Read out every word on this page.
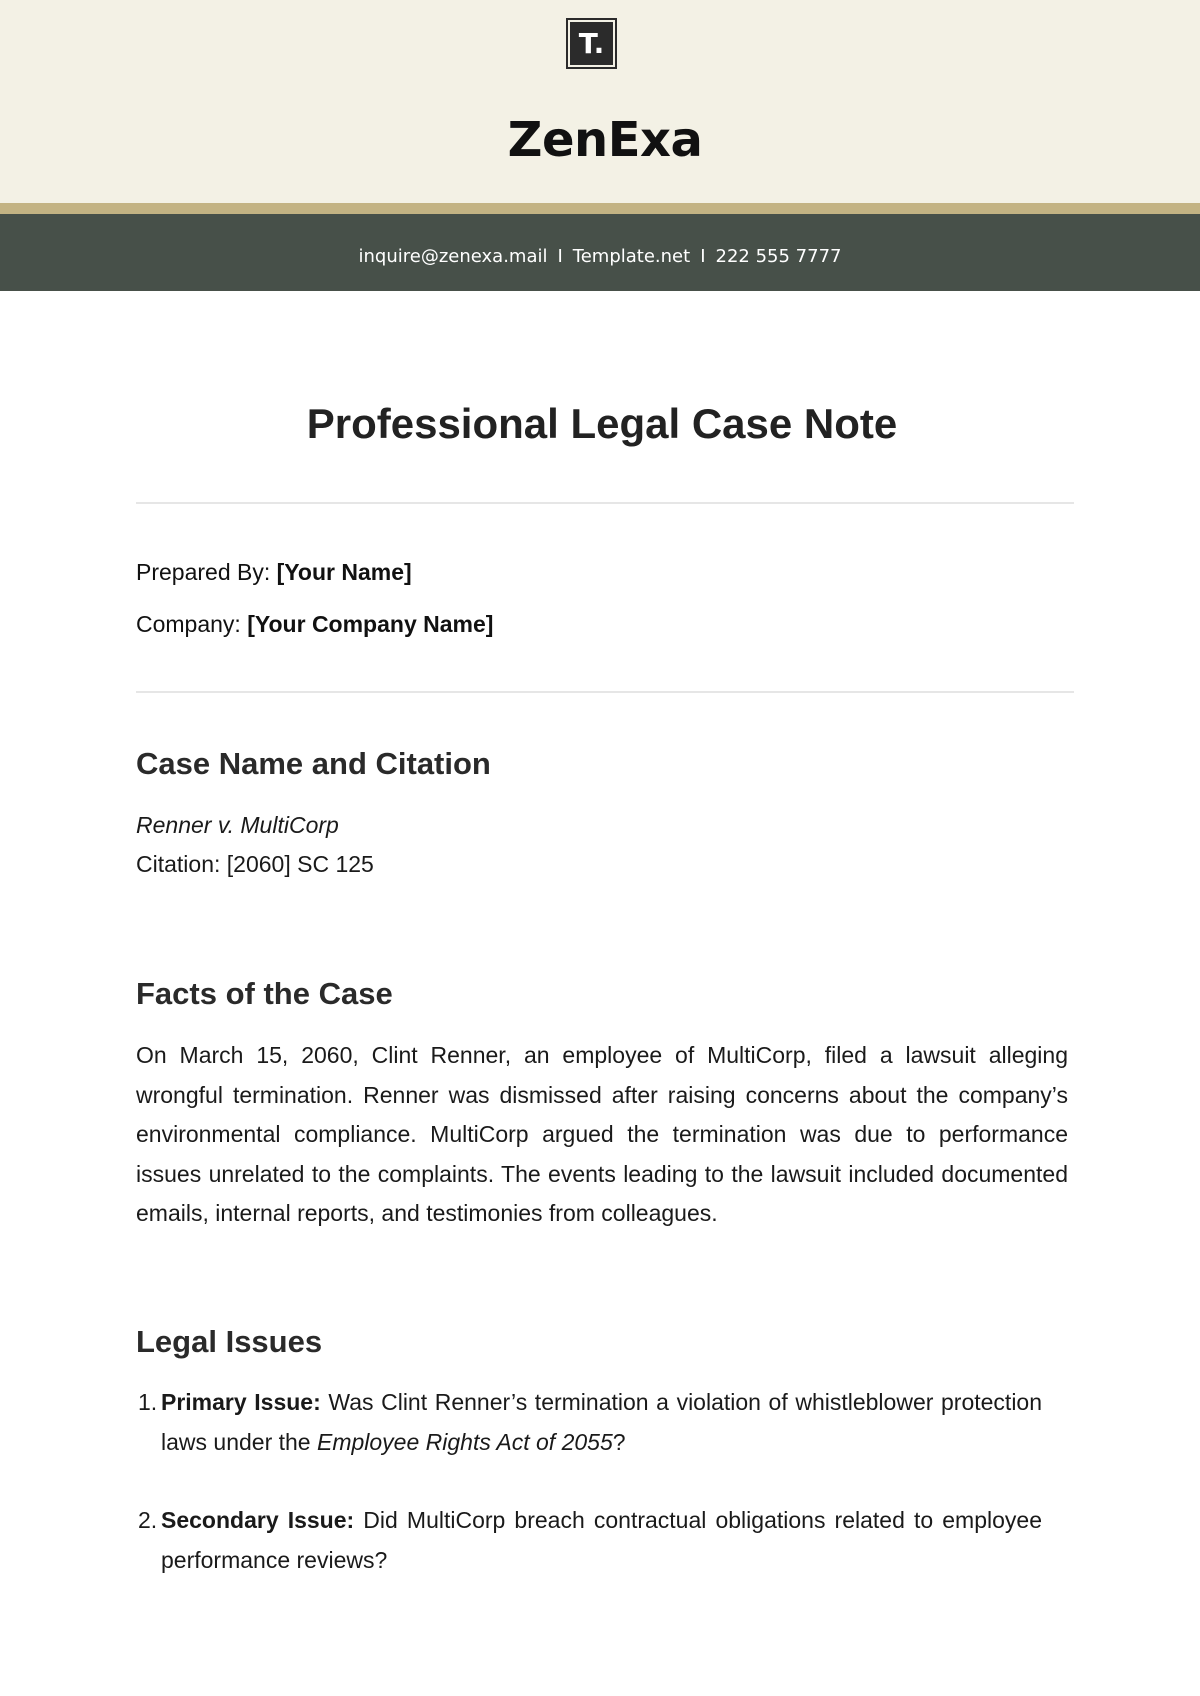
T.
ZenExa
inquire@zenexa.mail I Template.net I 222 555 7777
Professional Legal Case Note
Prepared By: [Your Name]
Company: [Your Company Name]
Case Name and Citation
Renner v. MultiCorp
Citation: [2060] SC 125
Facts of the Case
On March 15, 2060, Clint Renner, an employee of MultiCorp, filed a lawsuit alleging wrongful termination. Renner was dismissed after raising concerns about the company’s environmental compliance. MultiCorp argued the termination was due to performance issues unrelated to the complaints. The events leading to the lawsuit included documented emails, internal reports, and testimonies from colleagues.
Legal Issues
1. Primary Issue: Was Clint Renner’s termination a violation of whistleblower protection laws under the Employee Rights Act of 2055?
2. Secondary Issue: Did MultiCorp breach contractual obligations related to employee performance reviews?
